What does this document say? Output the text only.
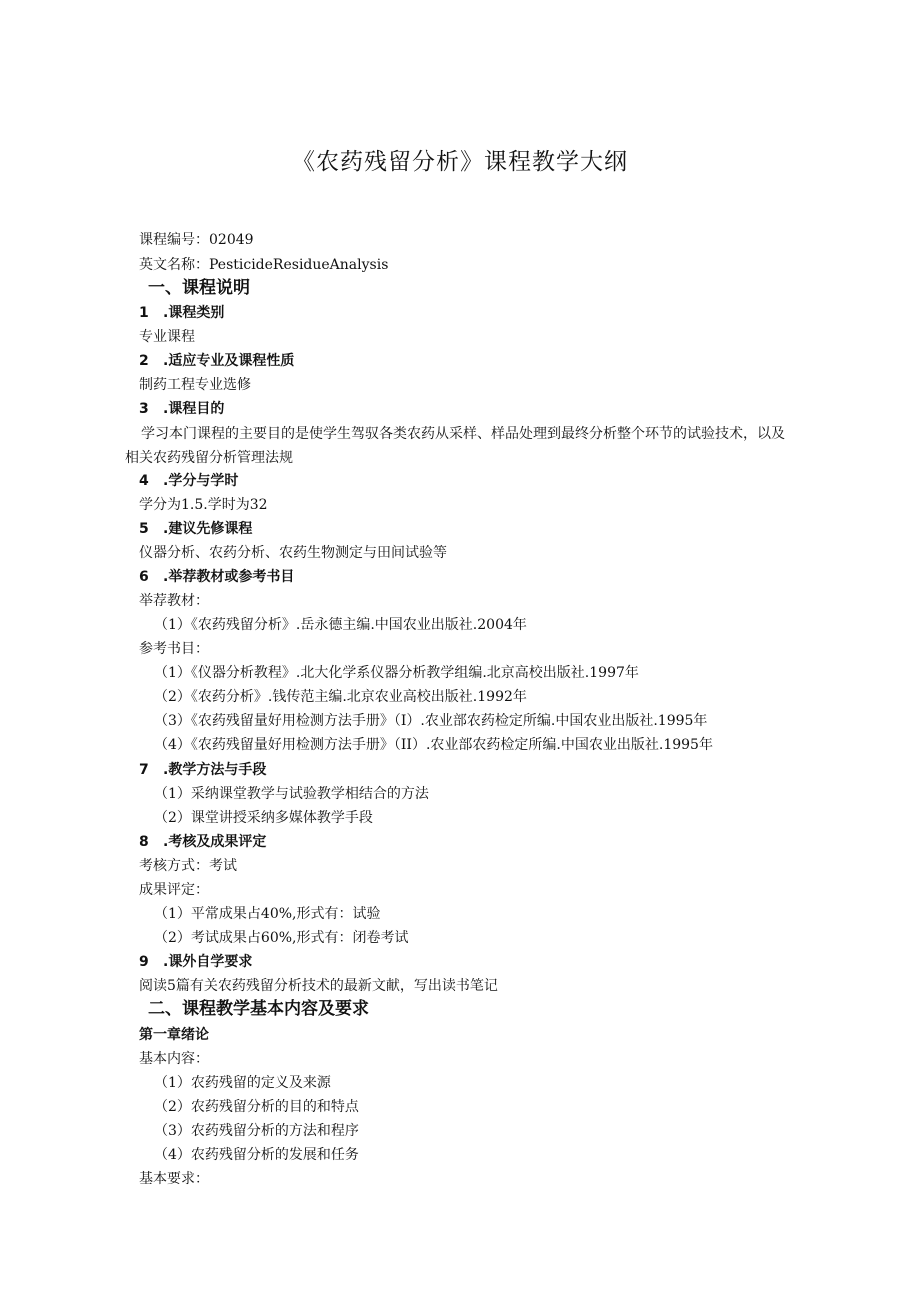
《农药残留分析》课程教学大纲
课程编号：02049
英文名称：PesticideResidueAnalysis
一、课程说明
1 .课程类别
专业课程
2 .适应专业及课程性质
制药工程专业选修
3 .课程目的
学习本门课程的主要目的是使学生驾驭各类农药从采样、样品处理到最终分析整个环节的试验技术，以及相关农药残留分析管理法规
4 .学分与学时
学分为1.5.学时为32
5 .建议先修课程
仪器分析、农药分析、农药生物测定与田间试验等
6 .举荐教材或参考书目
举荐教材：
（1）《农药残留分析》.岳永德主编.中国农业出版社.2004年
参考书目：
（1）《仪器分析教程》.北大化学系仪器分析教学组编.北京高校出版社.1997年
（2）《农药分析》.钱传范主编.北京农业高校出版社.1992年
（3）《农药残留量好用检测方法手册》（I）.农业部农药检定所编.中国农业出版社.1995年
（4）《农药残留量好用检测方法手册》（II）.农业部农药检定所编.中国农业出版社.1995年
7 .教学方法与手段
（1）采纳课堂教学与试验教学相结合的方法
（2）课堂讲授采纳多媒体教学手段
8 .考核及成果评定
考核方式：考试
成果评定：
（1）平常成果占40%,形式有：试验
（2）考试成果占60%,形式有：闭卷考试
9 .课外自学要求
阅读5篇有关农药残留分析技术的最新文献，写出读书笔记
二、课程教学基本内容及要求
第一章绪论
基本内容：
（1）农药残留的定义及来源
（2）农药残留分析的目的和特点
（3）农药残留分析的方法和程序
（4）农药残留分析的发展和任务
基本要求：
